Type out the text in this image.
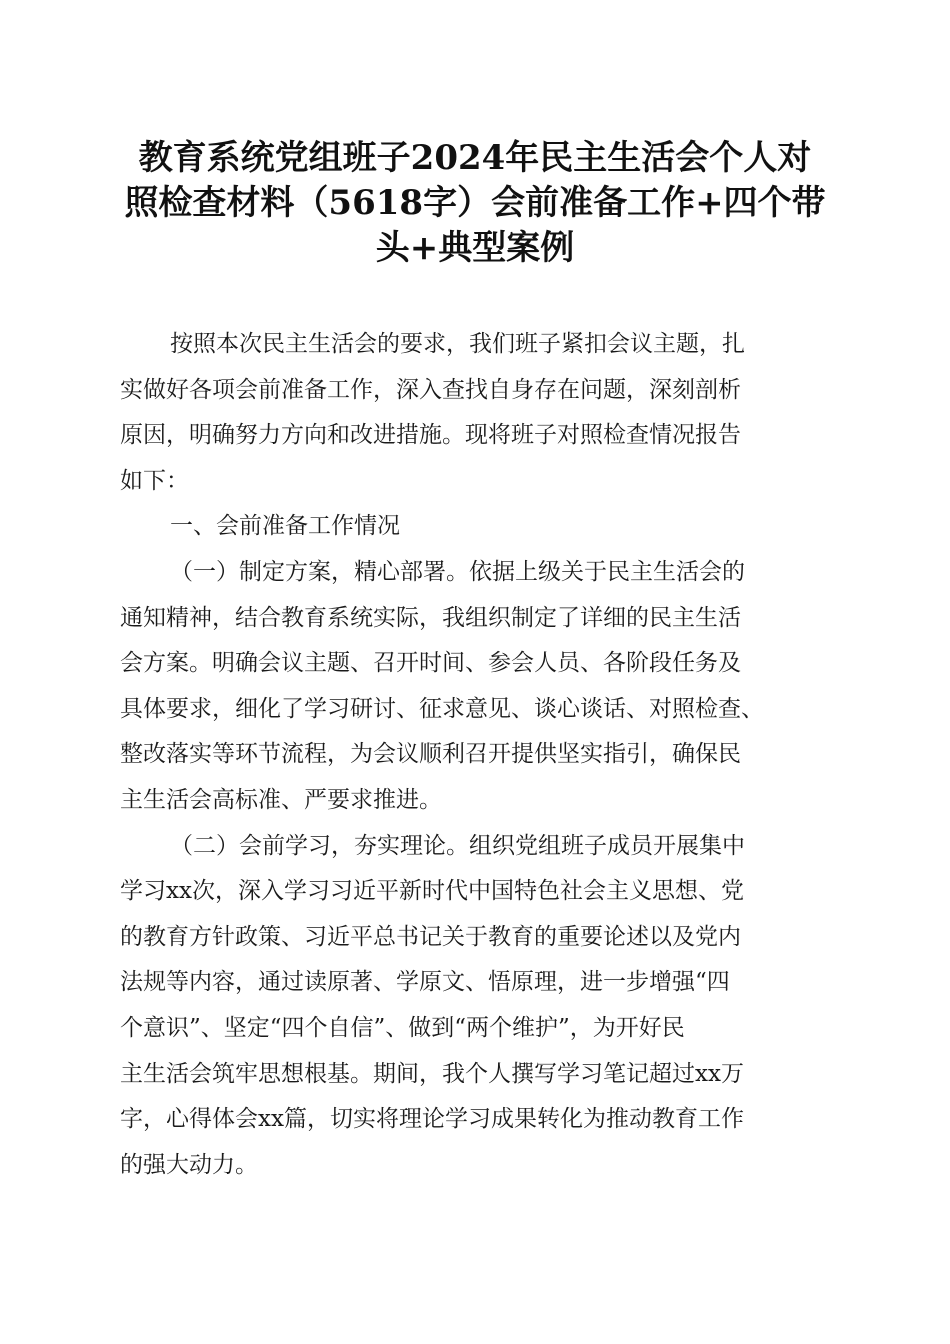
教育系统党组班子2024年民主生活会个人对
照检查材料（5618字）会前准备工作+四个带
头+典型案例
按照本次民主生活会的要求，我们班子紧扣会议主题，扎
实做好各项会前准备工作，深入查找自身存在问题，深刻剖析
原因，明确努力方向和改进措施。现将班子对照检查情况报告
如下：
一、会前准备工作情况
（一）制定方案，精心部署。依据上级关于民主生活会的
通知精神，结合教育系统实际，我组织制定了详细的民主生活
会方案。明确会议主题、召开时间、参会人员、各阶段任务及
具体要求，细化了学习研讨、征求意见、谈心谈话、对照检查、
整改落实等环节流程，为会议顺利召开提供坚实指引，确保民
主生活会高标准、严要求推进。
（二）会前学习，夯实理论。组织党组班子成员开展集中
学习xx次，深入学习习近平新时代中国特色社会主义思想、党
的教育方针政策、习近平总书记关于教育的重要论述以及党内
法规等内容，通过读原著、学原文、悟原理，进一步增强“四
个意识”、坚定“四个自信”、做到“两个维护”，为开好民
主生活会筑牢思想根基。期间，我个人撰写学习笔记超过xx万
字，心得体会xx篇，切实将理论学习成果转化为推动教育工作
的强大动力。
